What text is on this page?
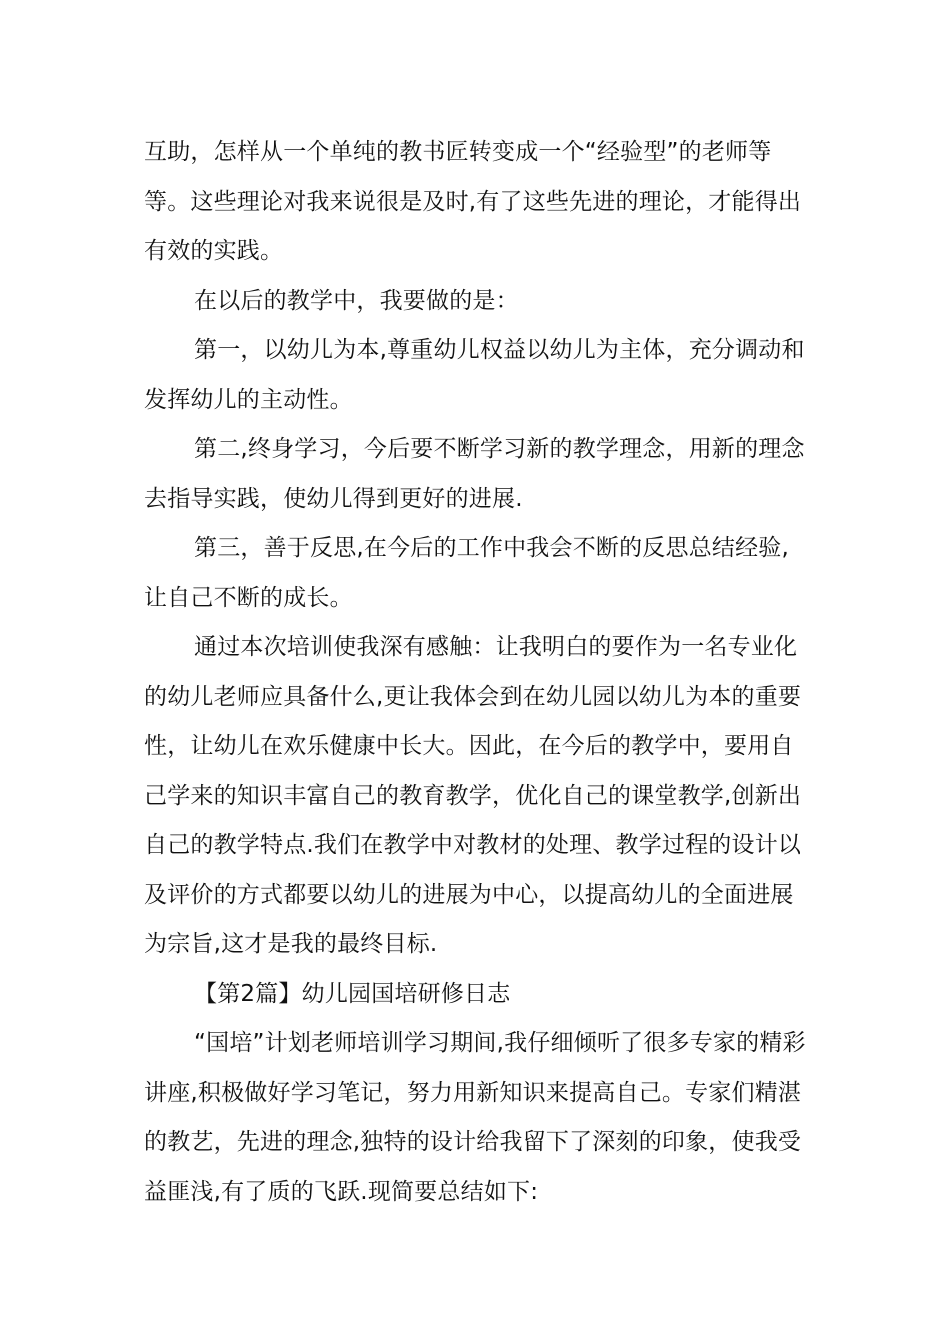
互助，怎样从一个单纯的教书匠转变成一个“经验型”的老师等等。这些理论对我来说很是及时,有了这些先进的理论，才能得出有效的实践。

在以后的教学中，我要做的是：

第一，以幼儿为本,尊重幼儿权益以幼儿为主体，充分调动和发挥幼儿的主动性。

第二,终身学习，今后要不断学习新的教学理念，用新的理念去指导实践，使幼儿得到更好的进展.

第三，善于反思,在今后的工作中我会不断的反思总结经验,让自己不断的成长。

通过本次培训使我深有感触：让我明白的要作为一名专业化的幼儿老师应具备什么,更让我体会到在幼儿园以幼儿为本的重要性，让幼儿在欢乐健康中长大。因此，在今后的教学中，要用自己学来的知识丰富自己的教育教学，优化自己的课堂教学,创新出自己的教学特点.我们在教学中对教材的处理、教学过程的设计以及评价的方式都要以幼儿的进展为中心，以提高幼儿的全面进展为宗旨,这才是我的最终目标.

【第2篇】幼儿园国培研修日志

“国培”计划老师培训学习期间,我仔细倾听了很多专家的精彩讲座,积极做好学习笔记，努力用新知识来提高自己。专家们精湛的教艺，先进的理念,独特的设计给我留下了深刻的印象，使我受益匪浅,有了质的飞跃.现简要总结如下:
